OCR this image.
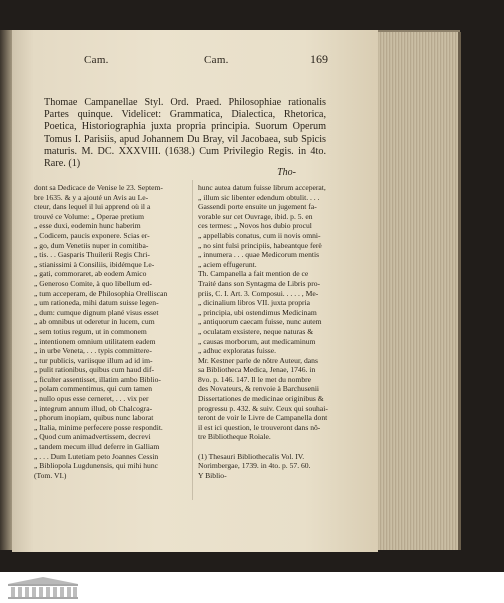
Cam.	Cam.	169
Thomae Campanellae Styl. Ord. Praed. Philosophiae rationalis Partes quinque. Videlicet: Grammatica, Dialectica, Rhetorica, Poetica, Historiographia juxta propria principia. Suorum Operum Tomus I. Parisiis, apud Johannem Du Bray, vil Jacobaea, sub Spicis maturis. M. DC. XXXVIII. (1638.) Cum Privilegio Regis. in 4to. Rare. (1)
Tho-
dont sa Dedicace de Venise le 23. Septem-
bre 1635. & y a ajouté un Avis au Le-
cteur, dans lequel il lui apprend où il a
trouvé ce Volume: „ Operae pretium
„ esse duxi, eodemin hunc haberim
„ Codicem, paucis exponere. Scias er-
„ go, dum Venetiis nuper in comitiba-
„ tis. . . Gasparis Thuilerii Regis Chri-
„ stianissimi à Consiliis, ibidémque Le-
„ gati, commoraret, ab eodem Amico
„ Generoso Comite, à quo libellum ed-
„ tum acceperam, de Philosophia Orelliscan
„ um rationeda, mihi datum suisse legen-
„ dum: cumque dignum plané visus esset
„ ab omnibus ut oderetur in lucem, cum
„ sem totius regum, ut in commonem
„ intentionem omnium utilitatem eadem
„ in urbe Veneta, . . . typis committere-
„ tur publicis, variisque illum ad id im-
„ pulit rationibus, quibus cum haud dif-
„ ficulter assentisset, illatim ambo Biblio-
„ polam commentimus, qui cum tamen
„ nullo opus esse cerneret, . . . vix per
„ integrum annum illud, ob Chalcogra-
„ phorum inopiam, quibus nunc laborat
„ Italia, minime perfecere posse respondit.
„ Quod cum animadvertissem, decrevi
„ tandem mecum illud deferre in Galliam
„ . . . Dum Lutetiam peto Joannes Cessin
„ Bibliopola Lugdunensis, qui mihi hunc
(Tom. VI.)
hunc autea datum fuisse librum acceperat,
„ illum sic libenter edendum obtulit. . . .
Gassendi porte ensuite un jugement fa-
vorable sur cet Ouvrage, ibid. p. 5. en
ces termes: „ Novos hos dubio procul
„ appellabis conatus, cum ii novis omni-
„ no sint fulsi principiis, habeantque ferè
„ innumera . . . quae Medicorum mentis
„ aciem effugerunt.
Th. Campanella a fait mention de ce
Traité dans son Syntagma de Libris pro-
priis, C. I. Art. 3. Composui. . . . . , Me-
„ dicinalium libros VII. juxta propria
„ principia, ubi ostendimus Medicinam
„ antiquorum caecam fuisse, nunc autem
„ oculatam exsistere, neque naturas &
„ causas morborum, aut medicaminum
„ adhuc exploratas fuisse.
Mr. Kestner parle de nôtre Auteur, dans
sa Bibliotheca Medica, Jenae, 1746. in
8vo. p. 146. 147. Il le met du nombre
des Novateurs, & renvoie à Barchusenii
Dissertationes de medicinae originibus &
progressu p. 432. & suiv. Ceux qui souhai-
teront de voir le Livre de Campanella dont
il est ici question, le trouveront dans nô-
tre Bibliotheque Roiale.

(1) Thesauri Bibliothecalis Vol. IV.
Norimbergae, 1739. in 4to. p. 57. 60.
Y Biblio-
